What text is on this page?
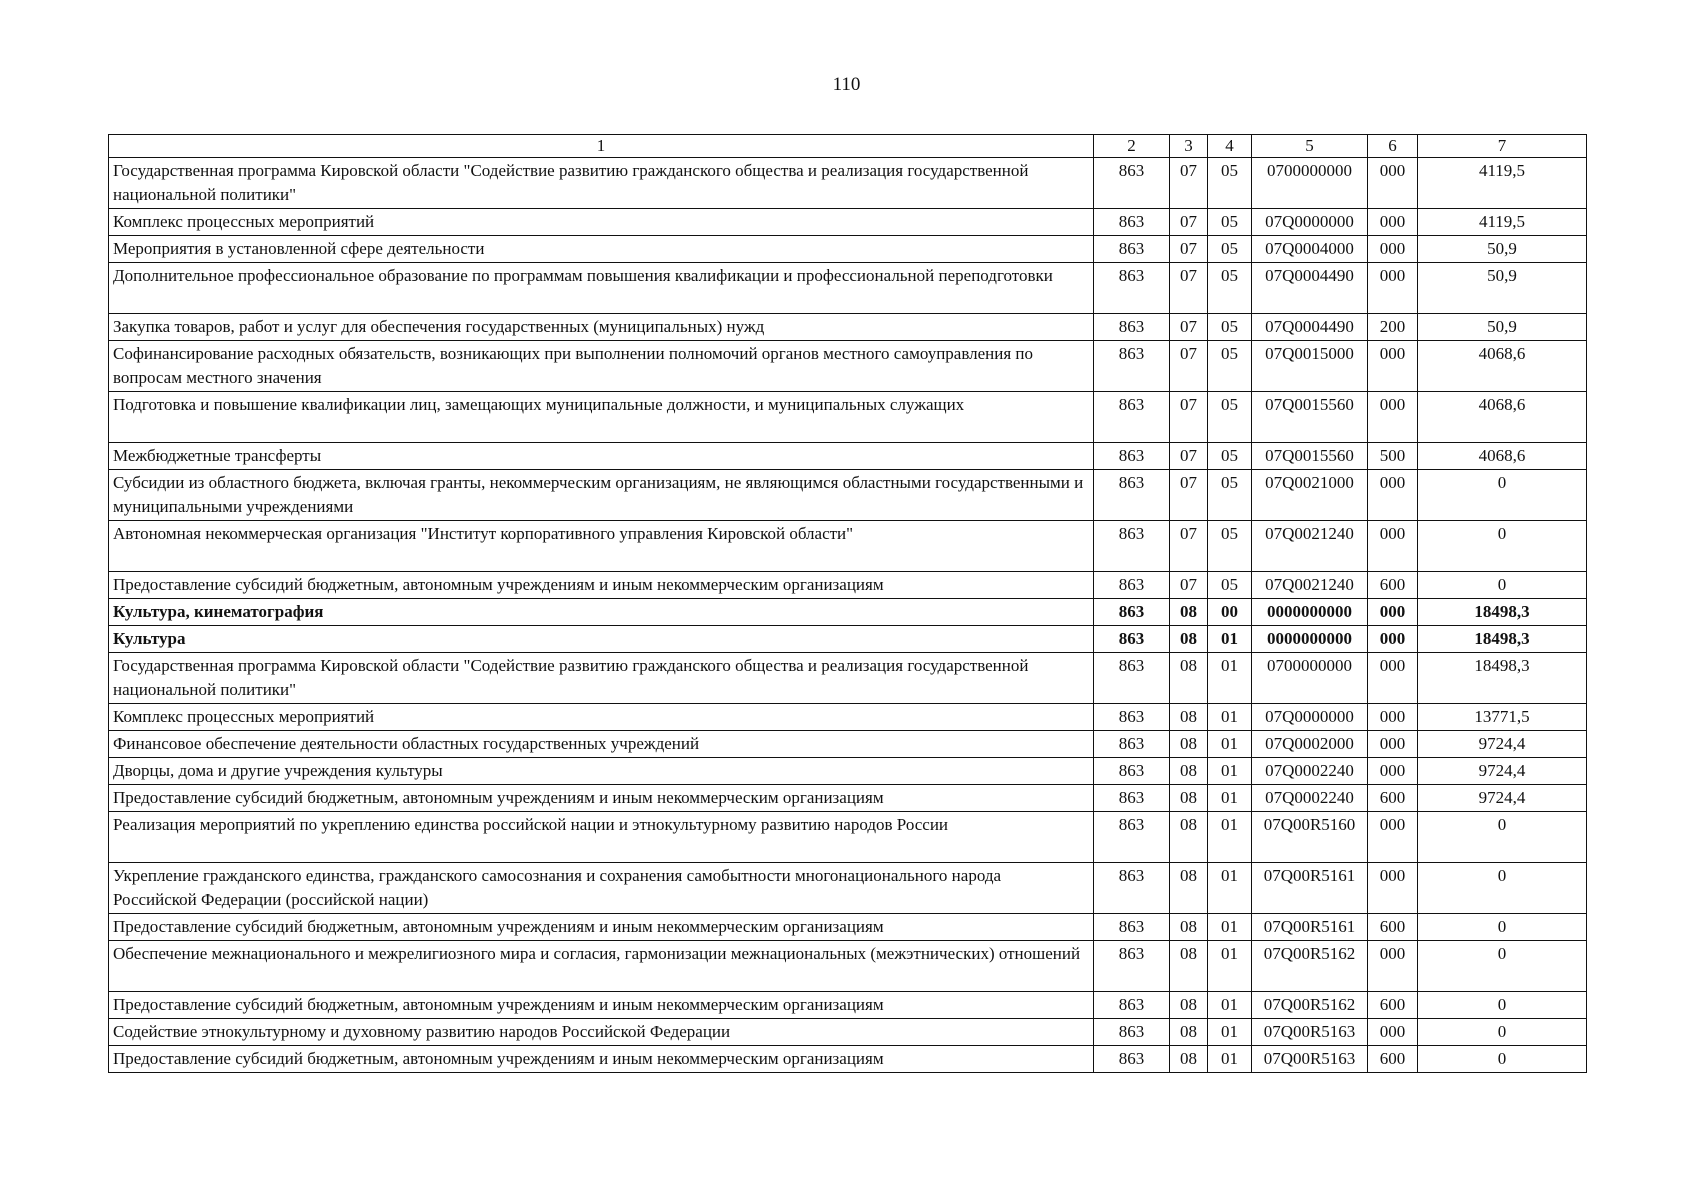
110
1	2	3	4	5	6	7
Государственная программа Кировской области "Содействие развитию гражданского общества и реализация государственной национальной политики"	863	07	05	0700000000	000	4119,5
Комплекс процессных мероприятий	863	07	05	07Q0000000	000	4119,5
Мероприятия в установленной сфере деятельности	863	07	05	07Q0004000	000	50,9
Дополнительное профессиональное образование по программам повышения квалификации и профессиональной переподготовки	863	07	05	07Q0004490	000	50,9
Закупка товаров, работ и услуг для обеспечения государственных (муниципальных) нужд	863	07	05	07Q0004490	200	50,9
Софинансирование расходных обязательств, возникающих при выполнении полномочий органов местного самоуправления по вопросам местного значения	863	07	05	07Q0015000	000	4068,6
Подготовка и повышение квалификации лиц, замещающих муниципальные должности, и муниципальных служащих	863	07	05	07Q0015560	000	4068,6
Межбюджетные трансферты	863	07	05	07Q0015560	500	4068,6
Субсидии из областного бюджета, включая гранты, некоммерческим организациям, не являющимся областными государственными и муниципальными учреждениями	863	07	05	07Q0021000	000	0
Автономная некоммерческая организация "Институт корпоративного управления Кировской области"	863	07	05	07Q0021240	000	0
Предоставление субсидий бюджетным, автономным учреждениям и иным некоммерческим организациям	863	07	05	07Q0021240	600	0
Культура, кинематография	863	08	00	0000000000	000	18498,3
Культура	863	08	01	0000000000	000	18498,3
Государственная программа Кировской области "Содействие развитию гражданского общества и реализация государственной национальной политики"	863	08	01	0700000000	000	18498,3
Комплекс процессных мероприятий	863	08	01	07Q0000000	000	13771,5
Финансовое обеспечение деятельности областных государственных учреждений	863	08	01	07Q0002000	000	9724,4
Дворцы, дома и другие учреждения культуры	863	08	01	07Q0002240	000	9724,4
Предоставление субсидий бюджетным, автономным учреждениям и иным некоммерческим организациям	863	08	01	07Q0002240	600	9724,4
Реализация мероприятий по укреплению единства российской нации и этнокультурному развитию народов России	863	08	01	07Q00R5160	000	0
Укрепление гражданского единства, гражданского самосознания и сохранения самобытности многонационального народа Российской Федерации (российской нации)	863	08	01	07Q00R5161	000	0
Предоставление субсидий бюджетным, автономным учреждениям и иным некоммерческим организациям	863	08	01	07Q00R5161	600	0
Обеспечение межнационального и межрелигиозного мира и согласия, гармонизации межнациональных (межэтнических) отношений	863	08	01	07Q00R5162	000	0
Предоставление субсидий бюджетным, автономным учреждениям и иным некоммерческим организациям	863	08	01	07Q00R5162	600	0
Содействие этнокультурному и духовному развитию народов Российской Федерации	863	08	01	07Q00R5163	000	0
Предоставление субсидий бюджетным, автономным учреждениям и иным некоммерческим организациям	863	08	01	07Q00R5163	600	0
